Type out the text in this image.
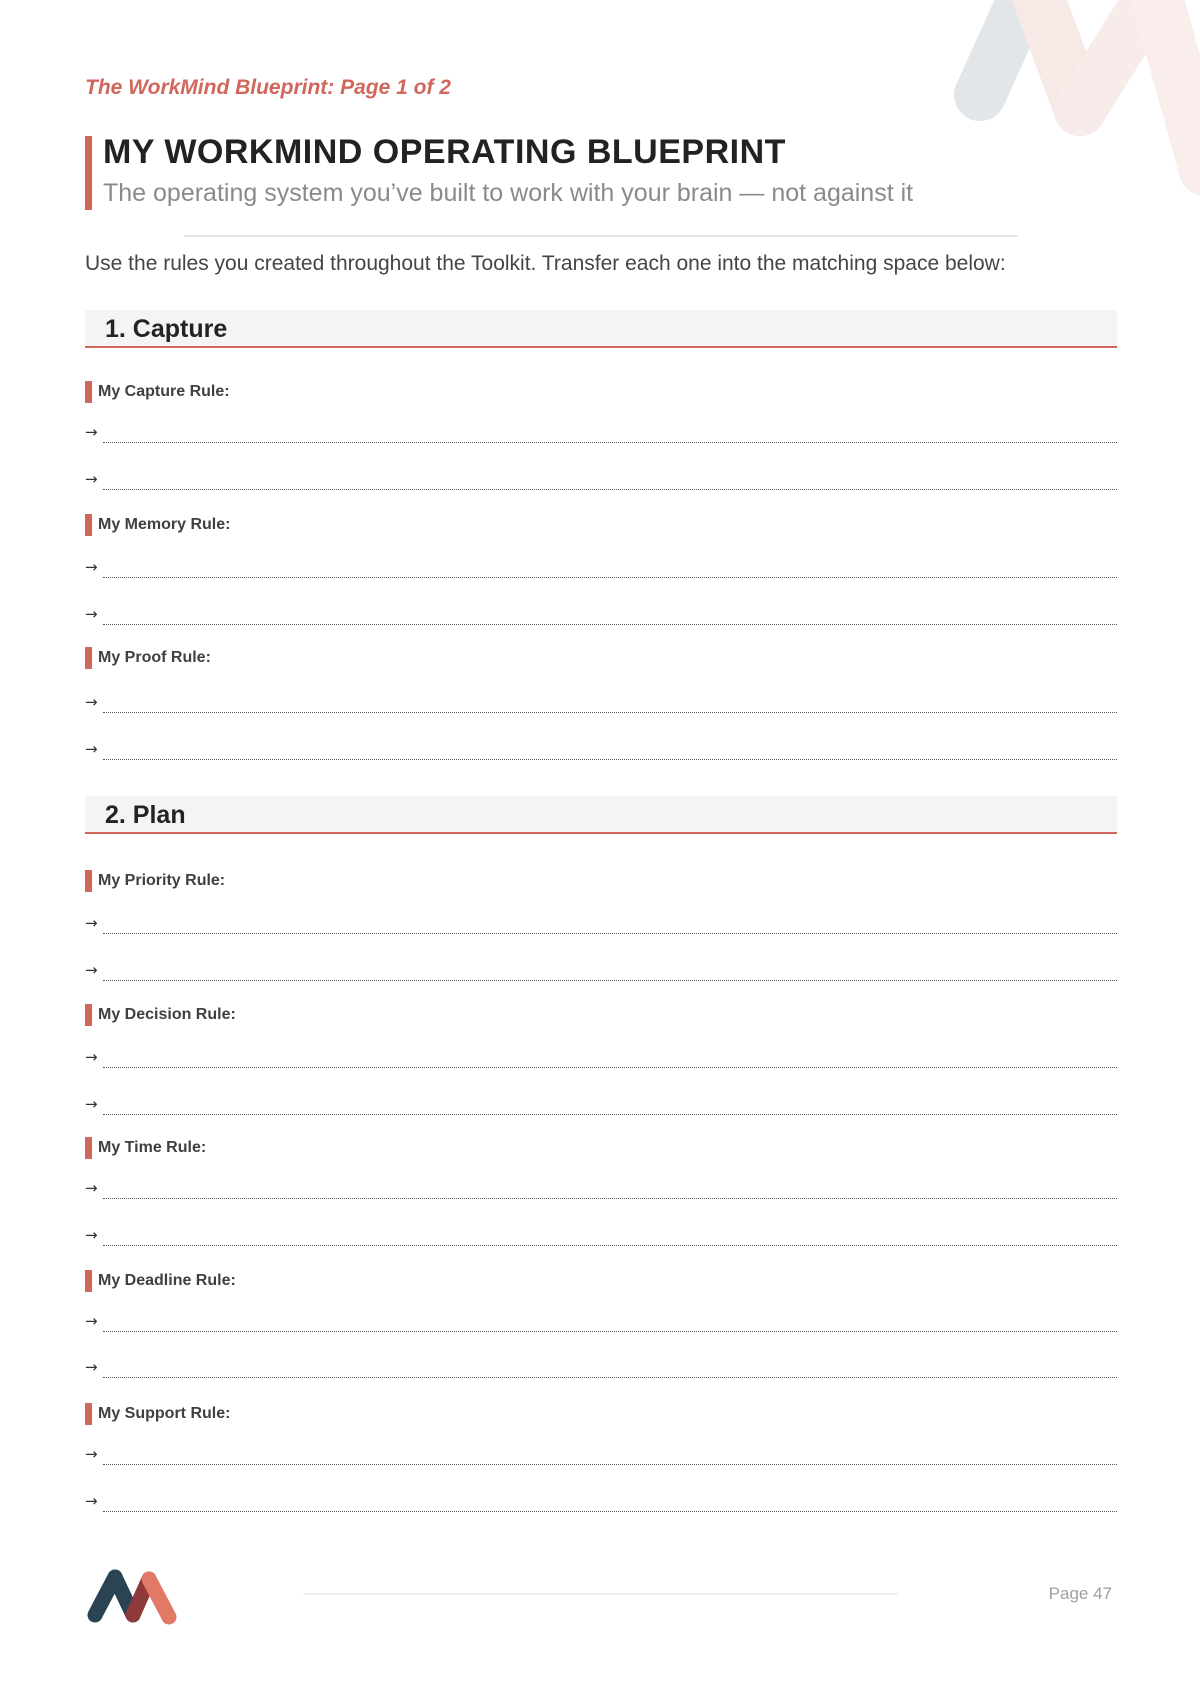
The WorkMind Blueprint: Page 1 of 2
MY WORKMIND OPERATING BLUEPRINT
The operating system you’ve built to work with your brain — not against it
Use the rules you created throughout the Toolkit. Transfer each one into the matching space below:
1. Capture
My Capture Rule:
→
→
My Memory Rule:
→
→
My Proof Rule:
→
→
2. Plan
My Priority Rule:
→
→
My Decision Rule:
→
→
My Time Rule:
→
→
My Deadline Rule:
→
→
My Support Rule:
→
→
Page 47
